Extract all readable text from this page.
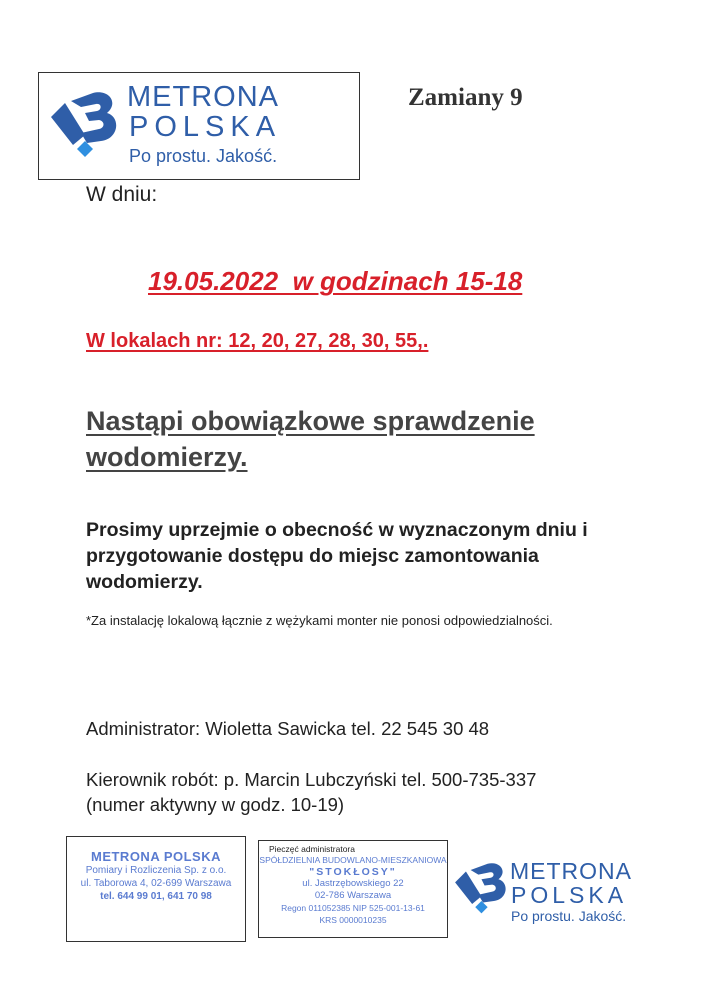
METRONA
POLSKA
Po prostu. Jakość.
Zamiany 9
W dniu:
19.05.2022  w godzinach 15-18
W lokalach nr: 12, 20, 27, 28, 30, 55,.
Nastąpi obowiązkowe sprawdzenie wodomierzy.
Prosimy uprzejmie o obecność w wyznaczonym dniu i przygotowanie dostępu do miejsc zamontowania wodomierzy.
*Za instalację lokalową łącznie z wężykami monter nie ponosi odpowiedzialności.
Administrator: Wioletta Sawicka tel. 22 545 30 48
Kierownik robót: p. Marcin Lubczyński tel. 500-735-337
(numer aktywny w godz. 10-19)
METRONA POLSKA
Pomiary i Rozliczenia Sp. z o.o.
ul. Taborowa 4, 02-699 Warszawa
tel. 644 99 01, 641 70 98
Pieczęć administratora
SPÓŁDZIELNIA BUDOWLANO-MIESZKANIOWA
"STOKŁOSY"
ul. Jastrzębowskiego 22
02-786 Warszawa
Regon 011052385 NIP 525-001-13-61
KRS 0000010235
METRONA
POLSKA
Po prostu. Jakość.
